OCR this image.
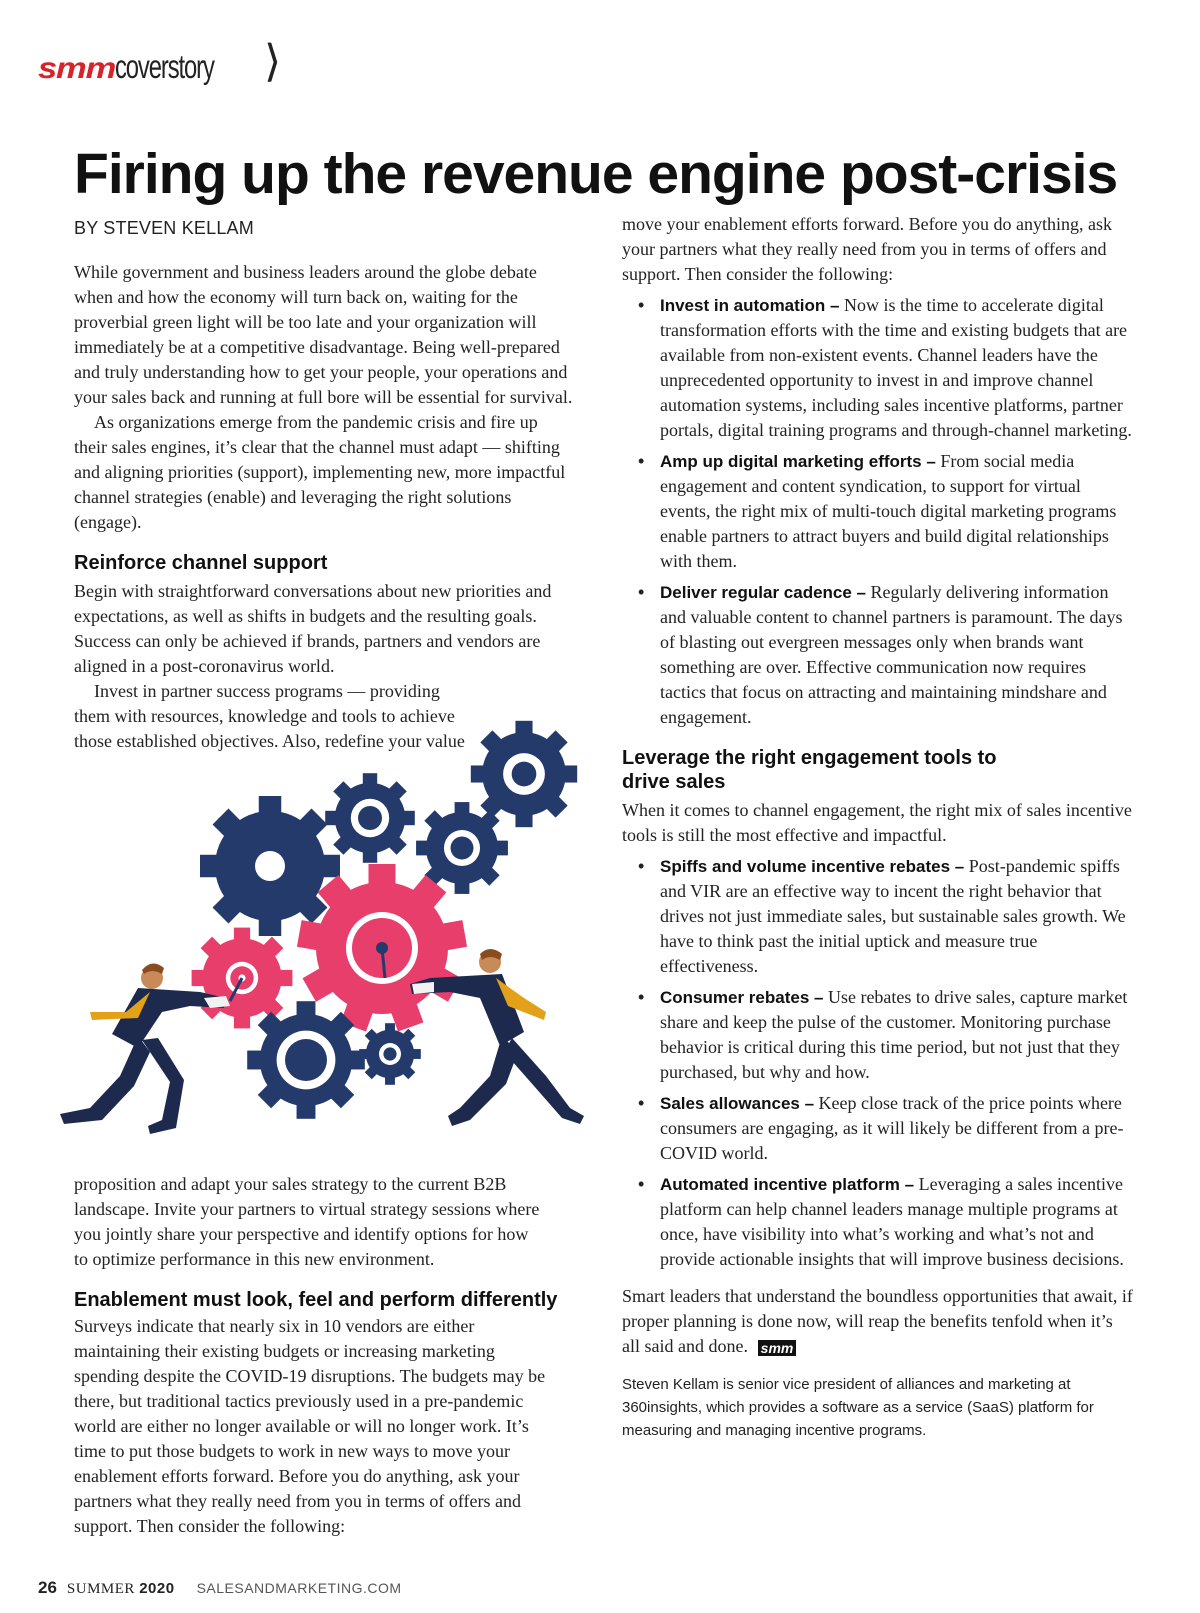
smm coverstory ⟩
Firing up the revenue engine post-crisis
BY STEVEN KELLAM

While government and business leaders around the globe debate when and how the economy will turn back on, waiting for the proverbial green light will be too late and your organization will immediately be at a competitive disadvantage. Being well-prepared and truly understanding how to get your people, your operations and your sales back and running at full bore will be essential for survival.

As organizations emerge from the pandemic crisis and fire up their sales engines, it’s clear that the channel must adapt — shifting and aligning priorities (support), implementing new, more impactful channel strategies (enable) and leveraging the right solutions (engage).

Reinforce channel support

Begin with straightforward conversations about new priorities and expectations, as well as shifts in budgets and the resulting goals. Success can only be achieved if brands, partners and vendors are aligned in a post-coronavirus world.

Invest in partner success programs — providing them with resources, knowledge and tools to achieve those established objectives. Also, redefine your value

proposition and adapt your sales strategy to the current B2B landscape. Invite your partners to virtual strategy sessions where you jointly share your perspective and identify options for how to optimize performance in this new environment.

Enablement must look, feel and perform differently

Surveys indicate that nearly six in 10 vendors are either maintaining their existing budgets or increasing marketing spending despite the COVID-19 disruptions. The budgets may be there, but traditional tactics previously used in a pre-pandemic world are either no longer available or will no longer work. It’s time to put those budgets to work in new ways to move your enablement efforts forward. Before you do anything, ask your partners what they really need from you in terms of offers and support. Then consider the following:

move your enablement efforts forward. Before you do anything, ask your partners what they really need from you in terms of offers and support. Then consider the following:

• Invest in automation – Now is the time to accelerate digital transformation efforts with the time and existing budgets that are available from non-existent events. Channel leaders have the unprecedented opportunity to invest in and improve channel automation systems, including sales incentive platforms, partner portals, digital training programs and through-channel marketing.
• Amp up digital marketing efforts – From social media engagement and content syndication, to support for virtual events, the right mix of multi-touch digital marketing programs enable partners to attract buyers and build digital relationships with them.
• Deliver regular cadence – Regularly delivering information and valuable content to channel partners is paramount. The days of blasting out evergreen messages only when brands want something are over. Effective communication now requires tactics that focus on attracting and maintaining mindshare and engagement.
Leverage the right engagement tools to drive sales

When it comes to channel engagement, the right mix of sales incentive tools is still the most effective and impactful.

• Spiffs and volume incentive rebates – Post-pandemic spiffs and VIR are an effective way to incent the right behavior that drives not just immediate sales, but sustainable sales growth. We have to think past the initial uptick and measure true effectiveness.
• Consumer rebates – Use rebates to drive sales, capture market share and keep the pulse of the customer. Monitoring purchase behavior is critical during this time period, but not just that they purchased, but why and how.
• Sales allowances – Keep close track of the price points where consumers are engaging, as it will likely be different from a pre-COVID world.
• Automated incentive platform – Leveraging a sales incentive platform can help channel leaders manage multiple programs at once, have visibility into what’s working and what’s not and provide actionable insights that will improve business decisions.

Smart leaders that understand the boundless opportunities that await, if proper planning is done now, will reap the benefits tenfold when it’s all said and done. smm

Steven Kellam is senior vice president of alliances and marketing at 360insights, which provides a software as a service (SaaS) platform for measuring and managing incentive programs.

26 SUMMER 2020 SALESANDMARKETING.COM
